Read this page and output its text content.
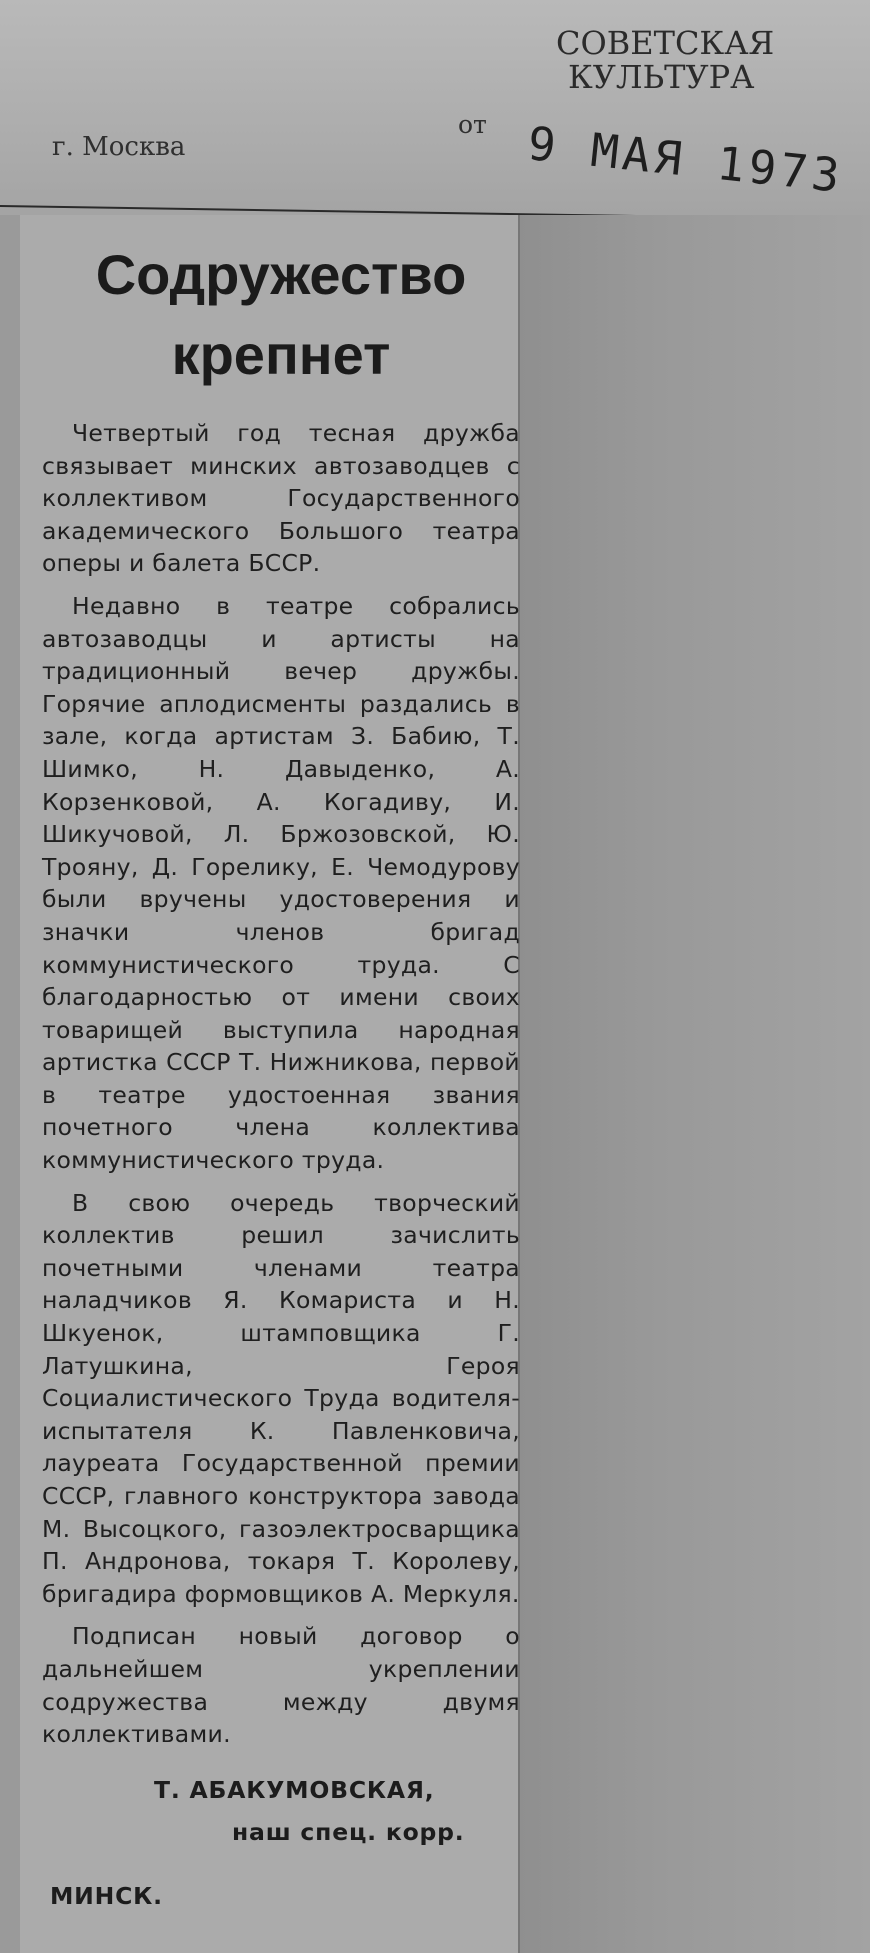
СОВЕТСКАЯ
КУЛЬТУРА
г. Москва
от 9 МАЯ 1973
Содружество
крепнет

Четвертый год тесная дружба связывает минских автозаводцев с коллективом Государственного академического Большого театра оперы и балета БССР.

Недавно в театре собрались автозаводцы и артисты на традиционный вечер дружбы. Горячие аплодисменты раздались в зале, когда артистам З. Бабию, Т. Шимко, Н. Давыденко, А. Корзенковой, А. Когадиву, И. Шикучовой, Л. Бржозовской, Ю. Трояну, Д. Горелику, Е. Чемодурову были вручены удостоверения и значки членов бригад коммунистического труда. С благодарностью от имени своих товарищей выступила народная артистка СССР Т. Нижникова, первой в театре удостоенная звания почетного члена коллектива коммунистического труда.

В свою очередь творческий коллектив решил зачислить почетными членами театра наладчиков Я. Комариста и Н. Шкуенок, штамповщика Г. Латушкина, Героя Социалистического Труда водителя-испытателя К. Павленковича, лауреата Государственной премии СССР, главного конструктора завода М. Высоцкого, газоэлектросварщика П. Андронова, токаря Т. Королеву, бригадира формовщиков А. Меркуля.

Подписан новый договор о дальнейшем укреплении содружества между двумя коллективами.

Т. АБАКУМОВСКАЯ,
наш спец. корр.
МИНСК.
